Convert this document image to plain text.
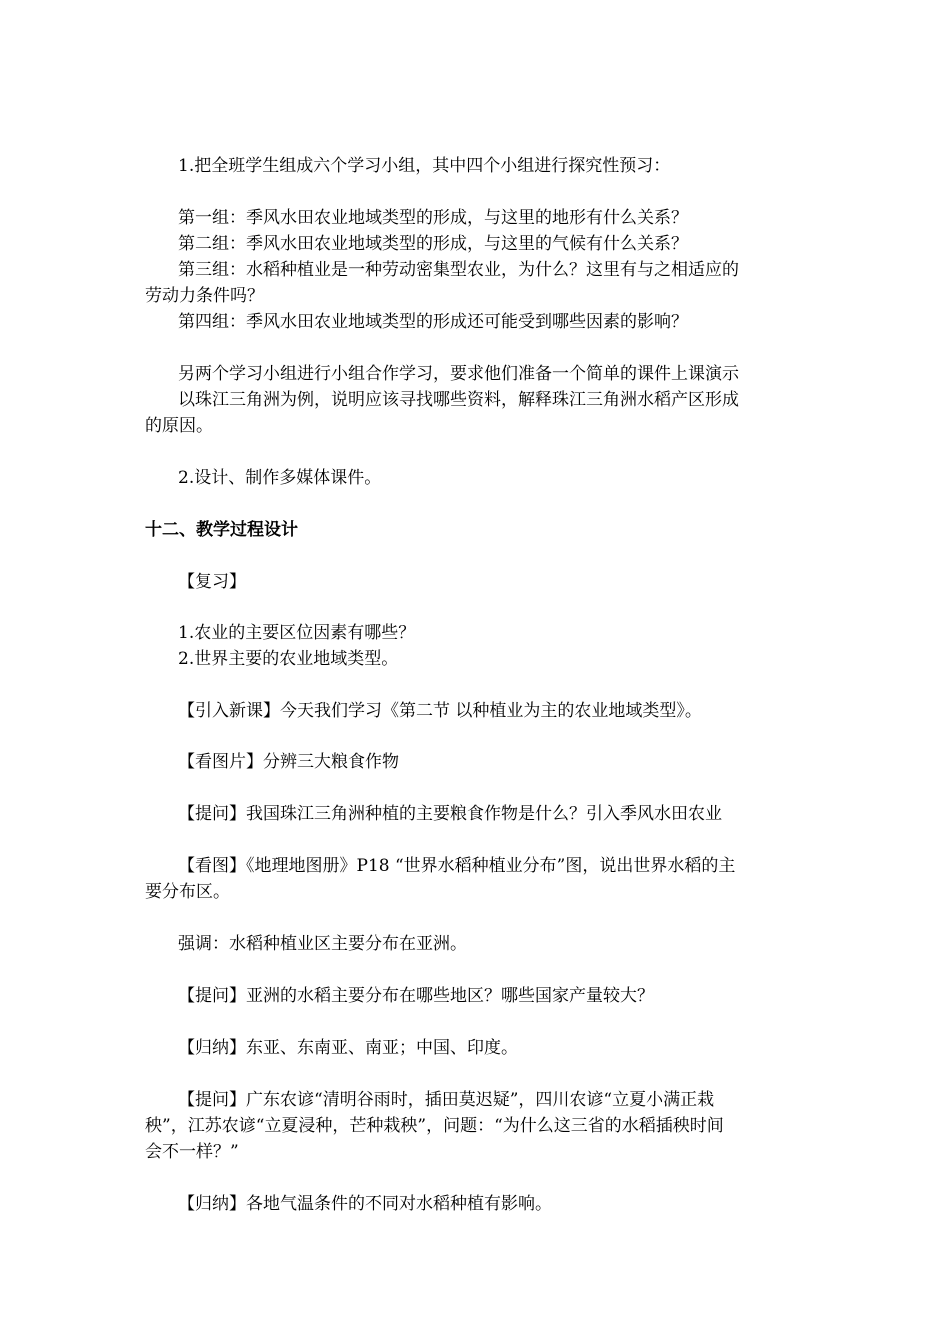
1.把全班学生组成六个学习小组，其中四个小组进行探究性预习：
第一组：季风水田农业地域类型的形成，与这里的地形有什么关系？
第二组：季风水田农业地域类型的形成，与这里的气候有什么关系？
第三组：水稻种植业是一种劳动密集型农业，为什么？这里有与之相适应的
劳动力条件吗？
第四组：季风水田农业地域类型的形成还可能受到哪些因素的影响？
另两个学习小组进行小组合作学习，要求他们准备一个简单的课件上课演示
以珠江三角洲为例，说明应该寻找哪些资料，解释珠江三角洲水稻产区形成
的原因。
2.设计、制作多媒体课件。
十二、教学过程设计
【复习】
1.农业的主要区位因素有哪些？
2.世界主要的农业地域类型。
【引入新课】今天我们学习《第二节 以种植业为主的农业地域类型》。
【看图片】分辨三大粮食作物
【提问】我国珠江三角洲种植的主要粮食作物是什么？引入季风水田农业
【看图】《地理地图册》P18 “世界水稻种植业分布”图，说出世界水稻的主
要分布区。
强调：水稻种植业区主要分布在亚洲。
【提问】亚洲的水稻主要分布在哪些地区？哪些国家产量较大？
【归纳】东亚、东南亚、南亚；中国、印度。
【提问】广东农谚“清明谷雨时，插田莫迟疑”，四川农谚“立夏小满正栽
秧”，江苏农谚“立夏浸种，芒种栽秧”，问题：“为什么这三省的水稻插秧时间
会不一样？”
【归纳】各地气温条件的不同对水稻种植有影响。
